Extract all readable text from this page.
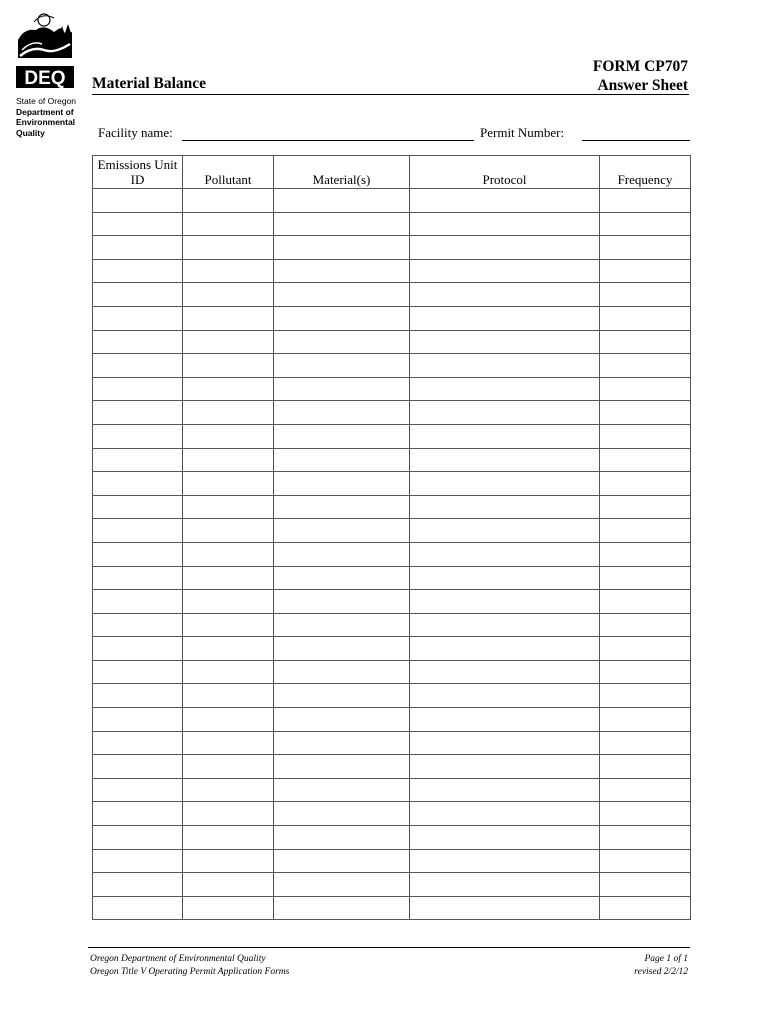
DEQ
State of Oregon
Department of
Environmental
Quality
Material Balance
FORM CP707
Answer Sheet
Facility name:	Permit Number:
Emissions Unit
ID	Pollutant	Material(s)	Protocol	Frequency

Oregon Department of Environmental Quality
Oregon Title V Operating Permit Application Forms
Page 1 of 1
revised 2/2/12
